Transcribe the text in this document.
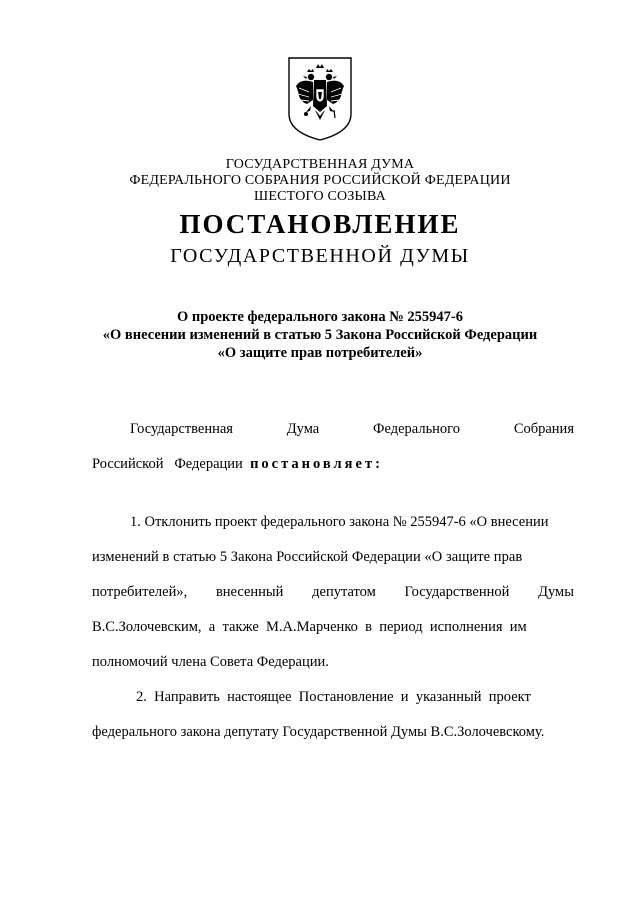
ГОСУДАРСТВЕННАЯ ДУМА
ФЕДЕРАЛЬНОГО СОБРАНИЯ РОССИЙСКОЙ ФЕДЕРАЦИИ
ШЕСТОГО СОЗЫВА
ПОСТАНОВЛЕНИЕ
ГОСУДАРСТВЕННОЙ ДУМЫ
О проекте федерального закона № 255947-6
«О внесении изменений в статью 5 Закона Российской Федерации
«О защите прав потребителей»
Государственная	Дума	Федерального	Собрания
Российской   Федерации постановляет:
1. Отклонить проект федерального закона № 255947-6 «О внесении
изменений в статью 5 Закона Российской Федерации «О защите прав
потребителей», внесенный депутатом Государственной Думы
В.С.Золочевским,  а  также  М.А.Марченко  в  период  исполнения  им
полномочий члена Совета Федерации.
2.  Направить  настоящее  Постановление  и  указанный  проект
федерального закона депутату Государственной Думы В.С.Золочевскому.
